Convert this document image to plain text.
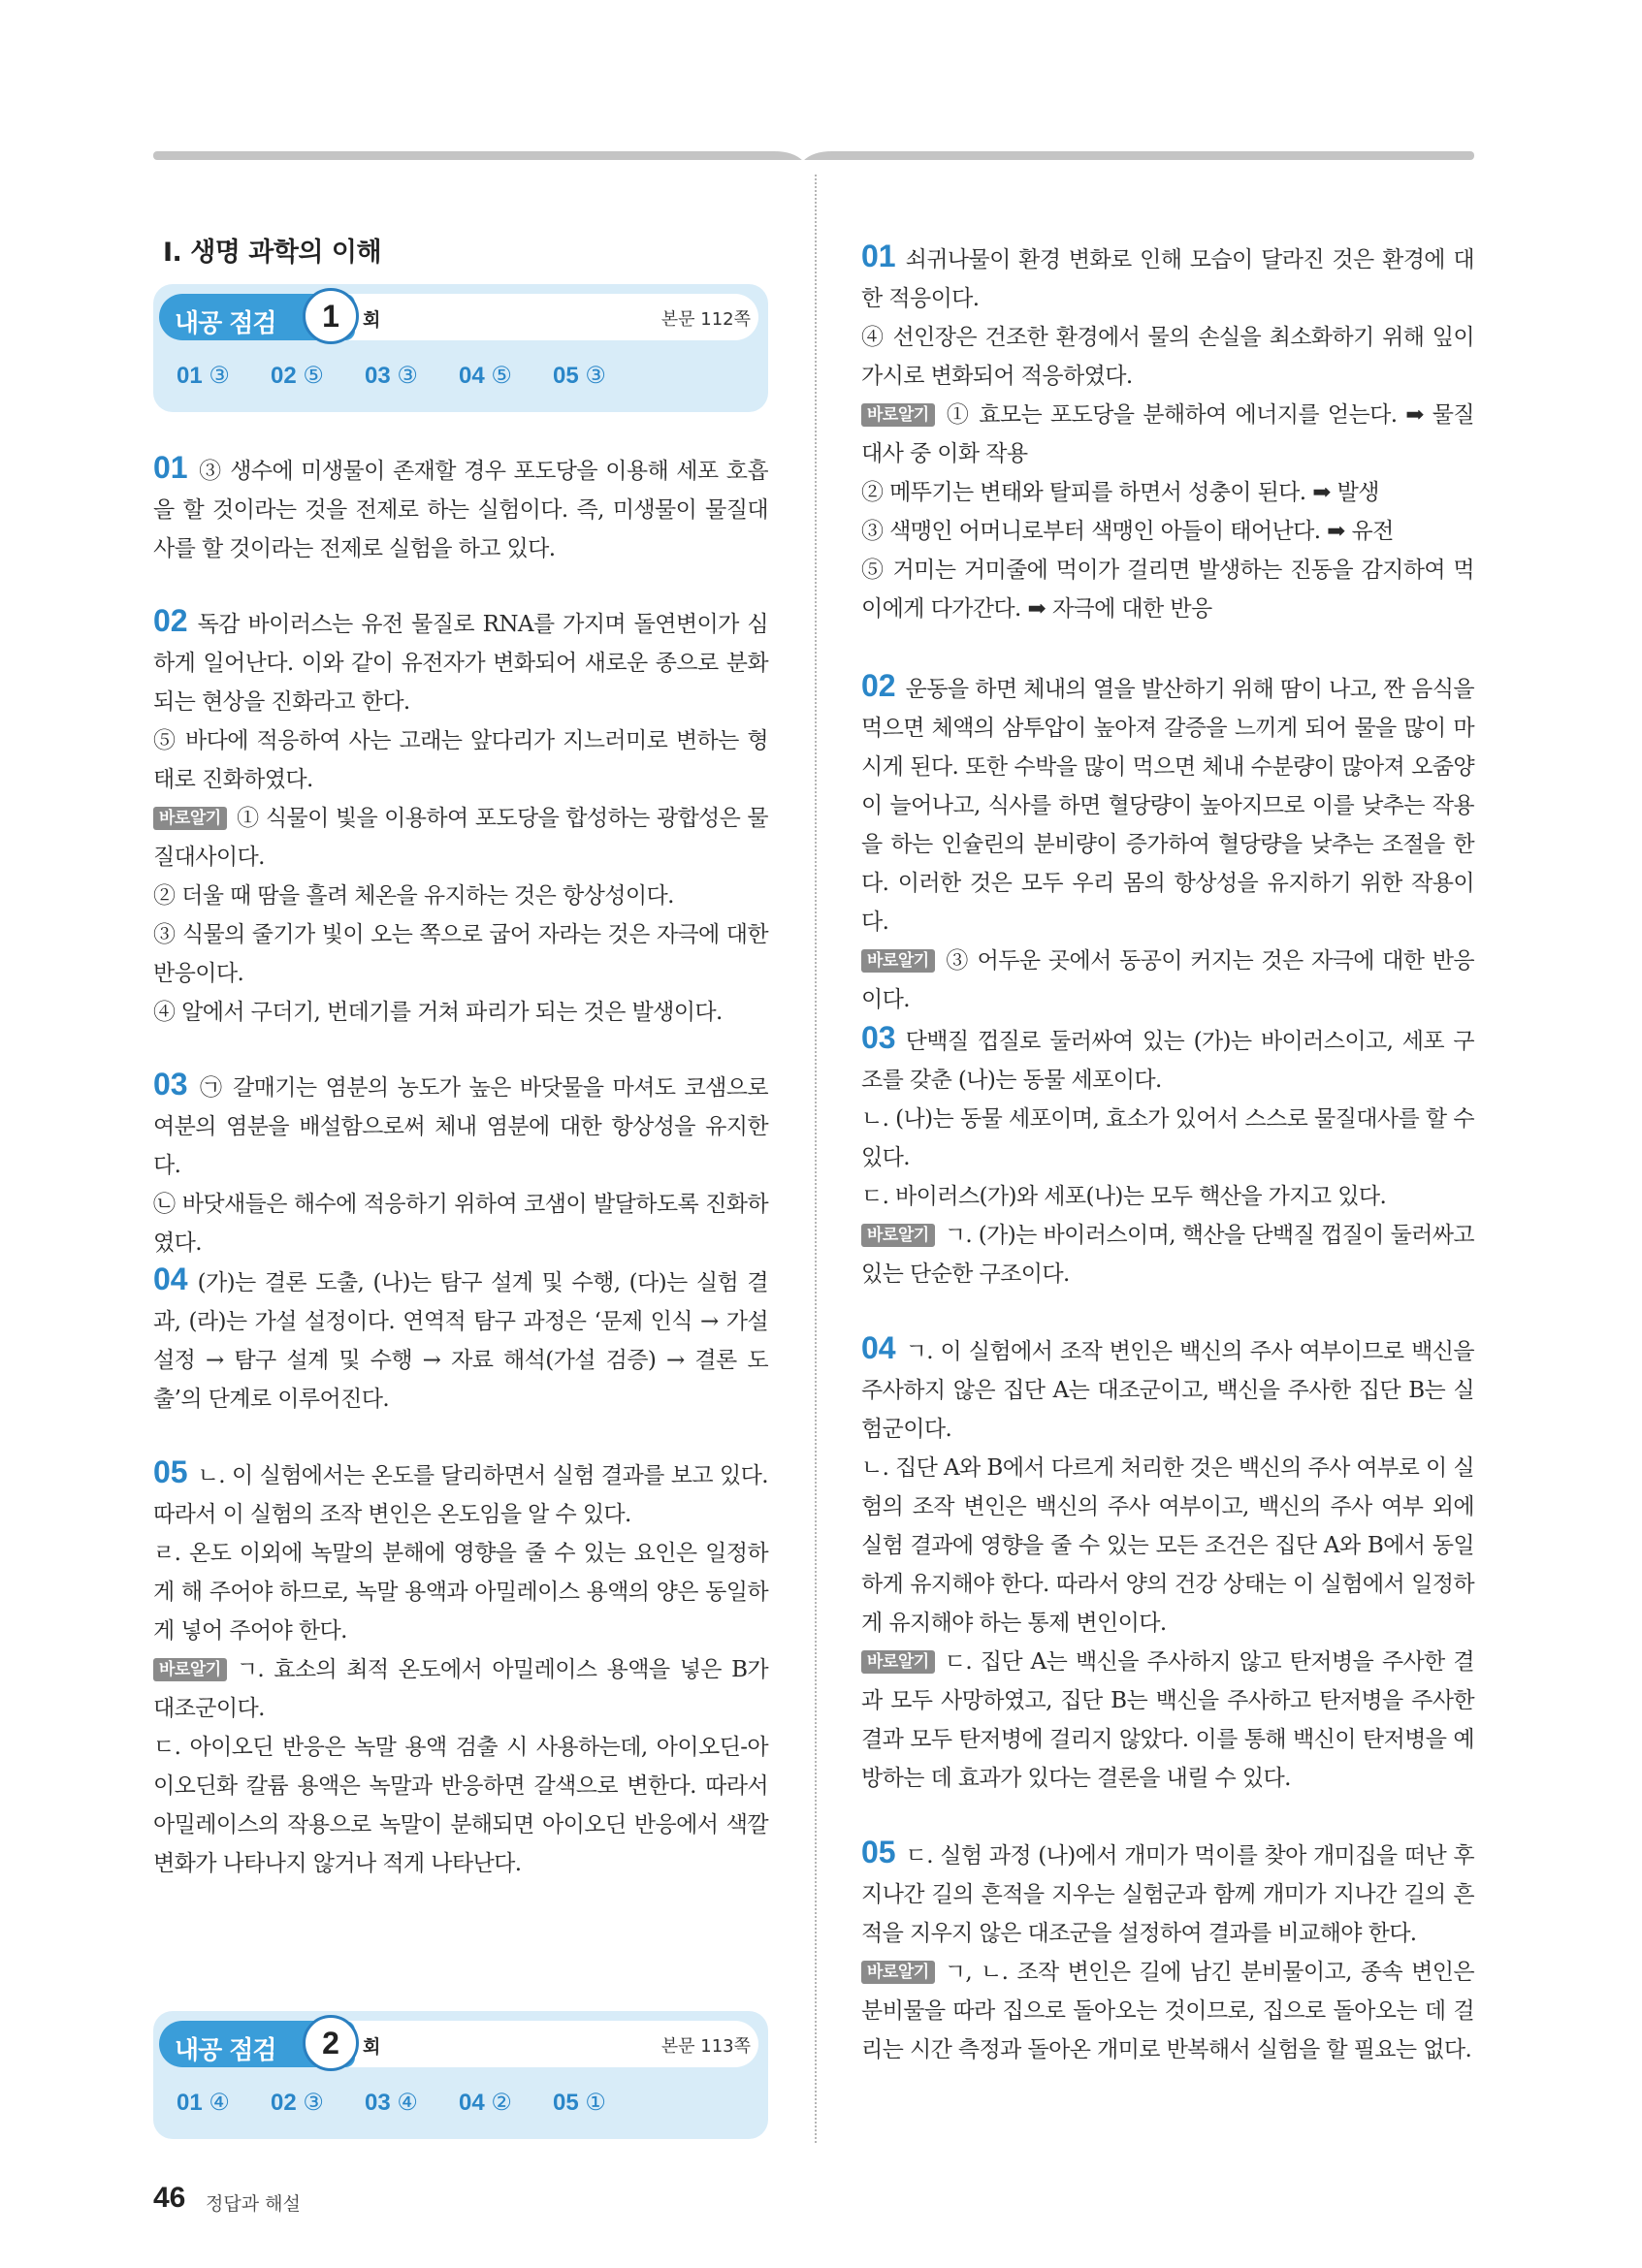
Ⅰ. 생명 과학의 이해
내공 점검 1 회	본문 112쪽
01 ③	02 ⑤	03 ③	04 ⑤	05 ③
내공 점검 2 회	본문 113쪽
01 ④	02 ③	03 ④	04 ②	05 ①

01 ③ 생수에 미생물이 존재할 경우 포도당을 이용해 세포 호흡을 할 것이라는 것을 전제로 하는 실험이다. 즉, 미생물이 물질대사를 할 것이라는 전제로 실험을 하고 있다.

02 독감 바이러스는 유전 물질로 RNA를 가지며 돌연변이가 심하게 일어난다. 이와 같이 유전자가 변화되어 새로운 종으로 분화되는 현상을 진화라고 한다.

⑤ 바다에 적응하여 사는 고래는 앞다리가 지느러미로 변하는 형태로 진화하였다.

바로알기 ① 식물이 빛을 이용하여 포도당을 합성하는 광합성은 물질대사이다.

② 더울 때 땀을 흘려 체온을 유지하는 것은 항상성이다.

③ 식물의 줄기가 빛이 오는 쪽으로 굽어 자라는 것은 자극에 대한 반응이다.

④ 알에서 구더기, 번데기를 거쳐 파리가 되는 것은 발생이다.

03 ㉠ 갈매기는 염분의 농도가 높은 바닷물을 마셔도 코샘으로 여분의 염분을 배설함으로써 체내 염분에 대한 항상성을 유지한다.

㉡ 바닷새들은 해수에 적응하기 위하여 코샘이 발달하도록 진화하였다.

04 (가)는 결론 도출, (나)는 탐구 설계 및 수행, (다)는 실험 결과, (라)는 가설 설정이다. 연역적 탐구 과정은 ‘문제 인식 → 가설 설정 → 탐구 설계 및 수행 → 자료 해석(가설 검증) → 결론 도출’의 단계로 이루어진다.

05 ㄴ. 이 실험에서는 온도를 달리하면서 실험 결과를 보고 있다. 따라서 이 실험의 조작 변인은 온도임을 알 수 있다.

ㄹ. 온도 이외에 녹말의 분해에 영향을 줄 수 있는 요인은 일정하게 해 주어야 하므로, 녹말 용액과 아밀레이스 용액의 양은 동일하게 넣어 주어야 한다.

바로알기 ㄱ. 효소의 최적 온도에서 아밀레이스 용액을 넣은 B가 대조군이다.

ㄷ. 아이오딘 반응은 녹말 용액 검출 시 사용하는데, 아이오딘-아이오딘화 칼륨 용액은 녹말과 반응하면 갈색으로 변한다. 따라서 아밀레이스의 작용으로 녹말이 분해되면 아이오딘 반응에서 색깔 변화가 나타나지 않거나 적게 나타난다.

01 쇠귀나물이 환경 변화로 인해 모습이 달라진 것은 환경에 대한 적응이다.

④ 선인장은 건조한 환경에서 물의 손실을 최소화하기 위해 잎이 가시로 변화되어 적응하였다.

바로알기 ① 효모는 포도당을 분해하여 에너지를 얻는다. ➡ 물질대사 중 이화 작용

② 메뚜기는 변태와 탈피를 하면서 성충이 된다. ➡ 발생

③ 색맹인 어머니로부터 색맹인 아들이 태어난다. ➡ 유전

⑤ 거미는 거미줄에 먹이가 걸리면 발생하는 진동을 감지하여 먹이에게 다가간다. ➡ 자극에 대한 반응

02 운동을 하면 체내의 열을 발산하기 위해 땀이 나고, 짠 음식을 먹으면 체액의 삼투압이 높아져 갈증을 느끼게 되어 물을 많이 마시게 된다. 또한 수박을 많이 먹으면 체내 수분량이 많아져 오줌양이 늘어나고, 식사를 하면 혈당량이 높아지므로 이를 낮추는 작용을 하는 인슐린의 분비량이 증가하여 혈당량을 낮추는 조절을 한다. 이러한 것은 모두 우리 몸의 항상성을 유지하기 위한 작용이다.

바로알기 ③ 어두운 곳에서 동공이 커지는 것은 자극에 대한 반응이다.

03 단백질 껍질로 둘러싸여 있는 (가)는 바이러스이고, 세포 구조를 갖춘 (나)는 동물 세포이다.

ㄴ. (나)는 동물 세포이며, 효소가 있어서 스스로 물질대사를 할 수 있다.

ㄷ. 바이러스(가)와 세포(나)는 모두 핵산을 가지고 있다.

바로알기 ㄱ. (가)는 바이러스이며, 핵산을 단백질 껍질이 둘러싸고 있는 단순한 구조이다.

04 ㄱ. 이 실험에서 조작 변인은 백신의 주사 여부이므로 백신을 주사하지 않은 집단 A는 대조군이고, 백신을 주사한 집단 B는 실험군이다.

ㄴ. 집단 A와 B에서 다르게 처리한 것은 백신의 주사 여부로 이 실험의 조작 변인은 백신의 주사 여부이고, 백신의 주사 여부 외에 실험 결과에 영향을 줄 수 있는 모든 조건은 집단 A와 B에서 동일하게 유지해야 한다. 따라서 양의 건강 상태는 이 실험에서 일정하게 유지해야 하는 통제 변인이다.

바로알기 ㄷ. 집단 A는 백신을 주사하지 않고 탄저병을 주사한 결과 모두 사망하였고, 집단 B는 백신을 주사하고 탄저병을 주사한 결과 모두 탄저병에 걸리지 않았다. 이를 통해 백신이 탄저병을 예방하는 데 효과가 있다는 결론을 내릴 수 있다.

05 ㄷ. 실험 과정 (나)에서 개미가 먹이를 찾아 개미집을 떠난 후 지나간 길의 흔적을 지우는 실험군과 함께 개미가 지나간 길의 흔적을 지우지 않은 대조군을 설정하여 결과를 비교해야 한다.

바로알기 ㄱ, ㄴ. 조작 변인은 길에 남긴 분비물이고, 종속 변인은 분비물을 따라 집으로 돌아오는 것이므로, 집으로 돌아오는 데 걸리는 시간 측정과 돌아온 개미로 반복해서 실험을 할 필요는 없다.

46 정답과 해설
